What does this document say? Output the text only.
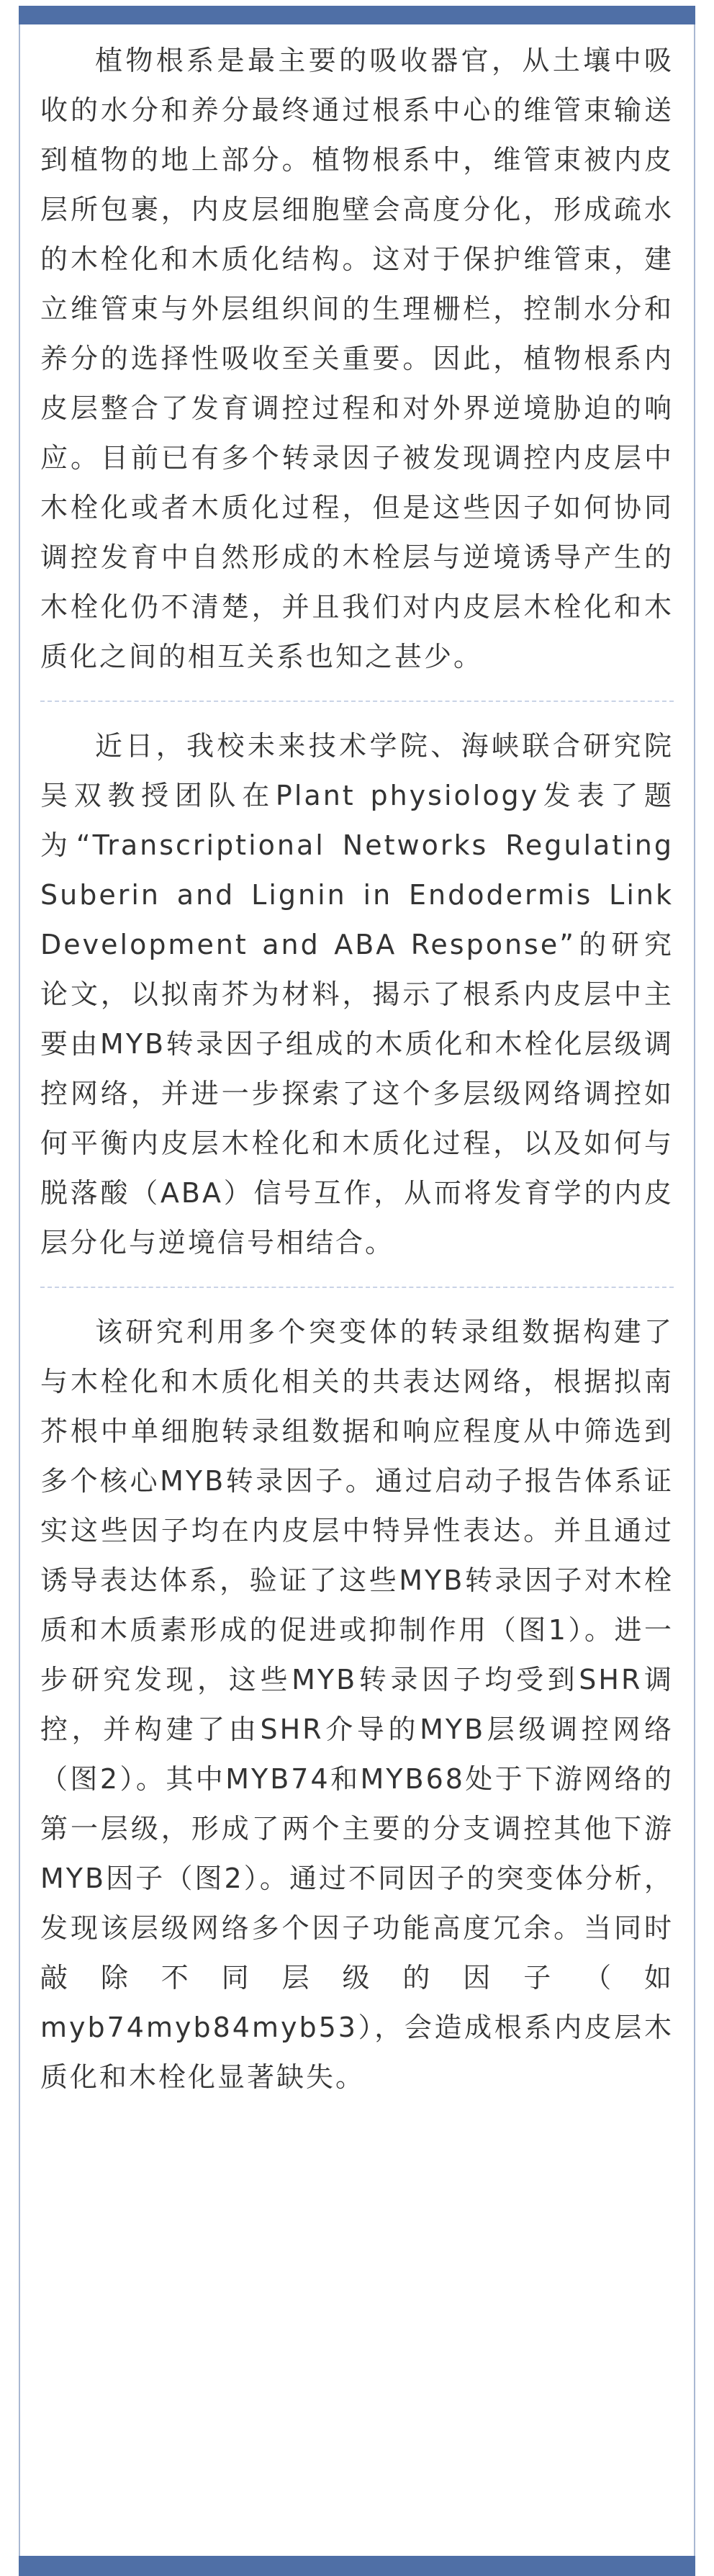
植物根系是最主要的吸收器官，从土壤中吸收的水分和养分最终通过根系中心的维管束输送到植物的地上部分。植物根系中，维管束被内皮层所包裹，内皮层细胞壁会高度分化，形成疏水的木栓化和木质化结构。这对于保护维管束，建立维管束与外层组织间的生理栅栏，控制水分和养分的选择性吸收至关重要。因此，植物根系内皮层整合了发育调控过程和对外界逆境胁迫的响应。目前已有多个转录因子被发现调控内皮层中木栓化或者木质化过程，但是这些因子如何协同调控发育中自然形成的木栓层与逆境诱导产生的木栓化仍不清楚，并且我们对内皮层木栓化和木质化之间的相互关系也知之甚少。

近日，我校未来技术学院、海峡联合研究院吴双教授团队在Plant physiology发表了题为“Transcriptional Networks Regulating Suberin and Lignin in Endodermis Link Development and ABA Response”的研究论文，以拟南芥为材料，揭示了根系内皮层中主要由MYB转录因子组成的木质化和木栓化层级调控网络，并进一步探索了这个多层级网络调控如何平衡内皮层木栓化和木质化过程，以及如何与脱落酸（ABA）信号互作，从而将发育学的内皮层分化与逆境信号相结合。

该研究利用多个突变体的转录组数据构建了与木栓化和木质化相关的共表达网络，根据拟南芥根中单细胞转录组数据和响应程度从中筛选到多个核心MYB转录因子。通过启动子报告体系证实这些因子均在内皮层中特异性表达。并且通过诱导表达体系，验证了这些MYB转录因子对木栓质和木质素形成的促进或抑制作用（图1）。进一步研究发现，这些MYB转录因子均受到SHR调控，并构建了由SHR介导的MYB层级调控网络（图2）。其中MYB74和MYB68处于下游网络的第一层级，形成了两个主要的分支调控其他下游MYB因子（图2）。通过不同因子的突变体分析，发现该层级网络多个因子功能高度冗余。当同时敲除不同层级的因子（如myb74myb84myb53），会造成根系内皮层木质化和木栓化显著缺失。
